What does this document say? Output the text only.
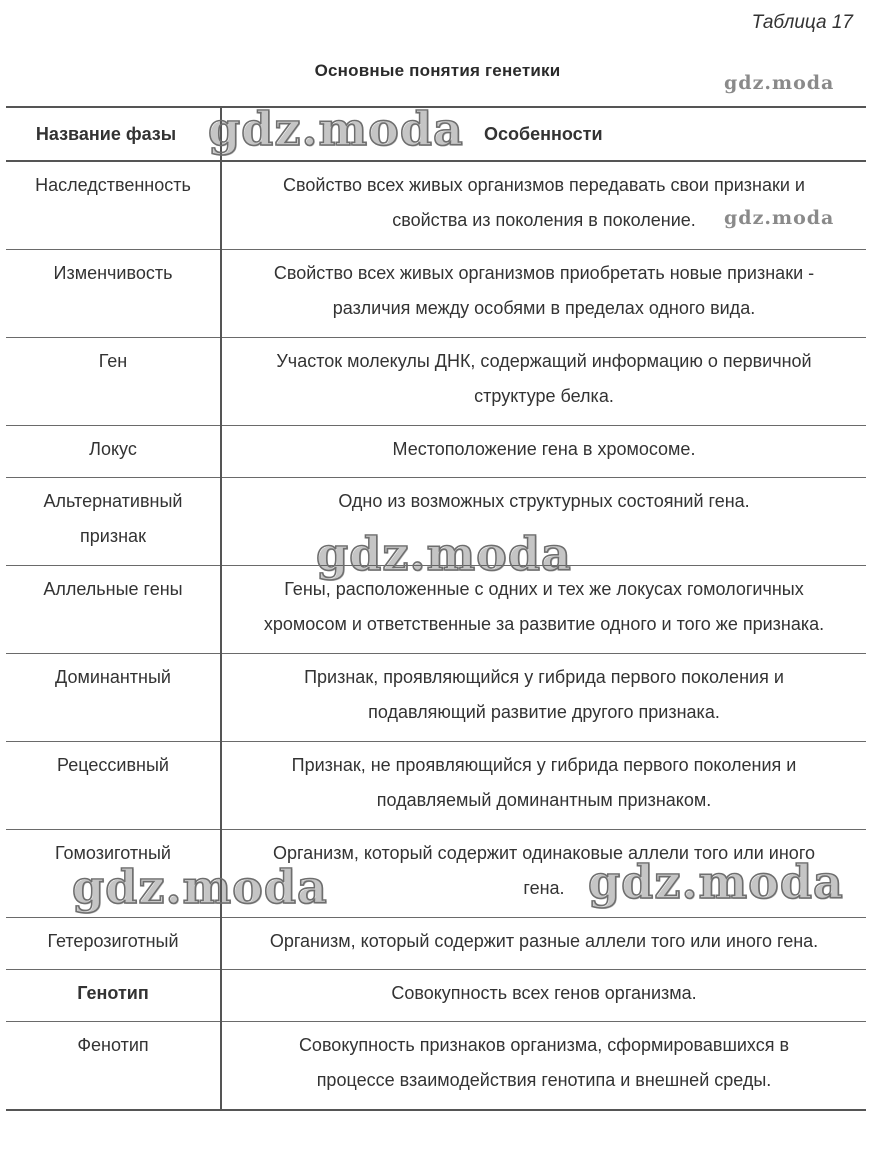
Таблица 17
Основные понятия генетики
Название фазы	Особенности

Наследственность	Свойство всех живых организмов передавать свои признаки и
свойства из поколения в поколение.

Изменчивость	Свойство всех живых организмов приобретать новые признаки -
различия между особями в пределах одного вида.

Ген	Участок молекулы ДНК, содержащий информацию о первичной
структуре белка.

Локус	Местоположение гена в хромосоме.

Альтернативный
признак	Одно из возможных структурных состояний гена.

Аллельные гены	Гены, расположенные с одних и тех же локусах гомологичных
хромосом и ответственные за развитие одного и того же признака.

Доминантный	Признак, проявляющийся у гибрида первого поколения и
подавляющий развитие другого признака.

Рецессивный	Признак, не проявляющийся у гибрида первого поколения и
подавляемый доминантным признаком.

Гомозиготный	Организм, который содержит одинаковые аллели того или иного
гена.

Гетерозиготный	Организм, который содержит разные аллели того или иного гена.

Генотип	Совокупность всех генов организма.

Фенотип	Совокупность признаков организма, сформировавшихся в
процессе взаимодействия генотипа и внешней среды.
gdz.moda
gdz.moda
gdz.moda
gdz.moda
gdz.moda	gdz.moda
